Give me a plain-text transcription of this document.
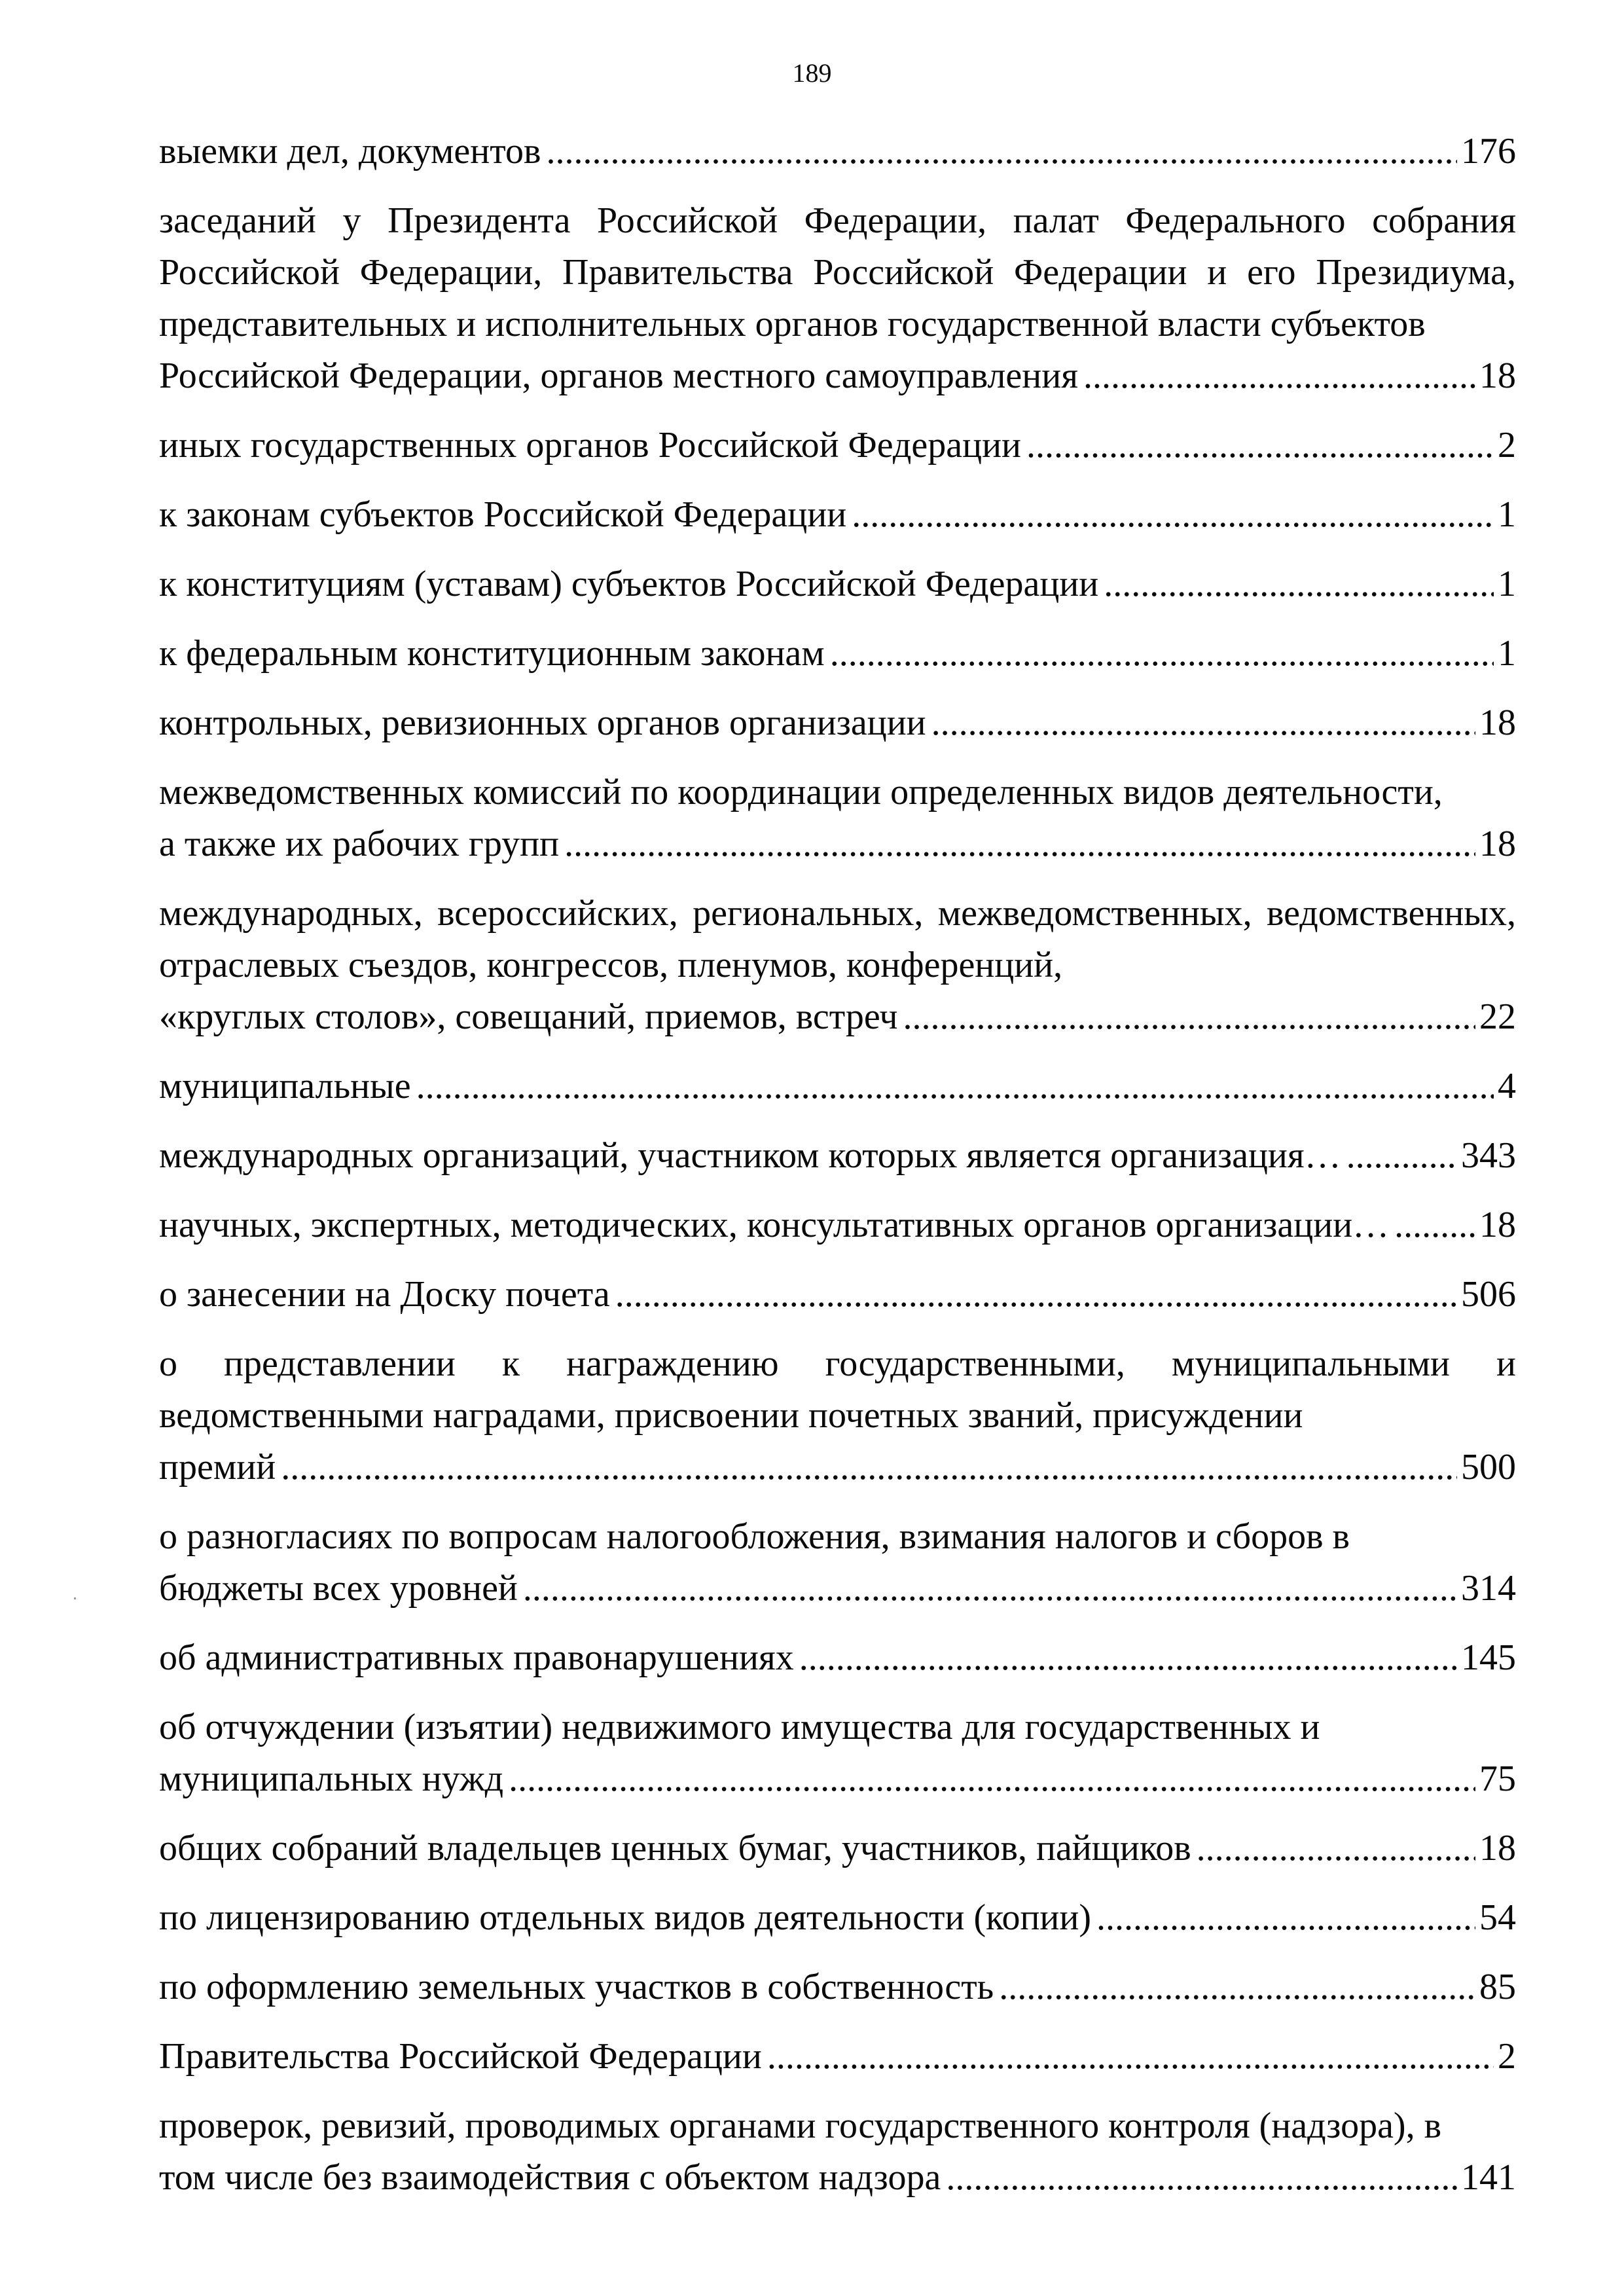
189
выемки дел, документов .....	176
заседаний у Президента Российской Федерации, палат Федерального собрания Российской Федерации, Правительства Российской Федерации и его Президиума, представительных и исполнительных органов государственной власти субъектов
Российской Федерации, органов местного самоуправления .....	18
иных государственных органов Российской Федерации .....	2
к законам субъектов Российской Федерации .....	1
к конституциям (уставам) субъектов Российской Федерации .....	1
к федеральным конституционным законам .....	1
контрольных, ревизионных органов организации .....	18
межведомственных комиссий по координации определенных видов деятельности,
а также их рабочих групп .....	18
международных, всероссийских, региональных, межведомственных, ведомственных, отраслевых съездов, конгрессов, пленумов, конференций,
«круглых столов», совещаний, приемов, встреч .....	22
муниципальные .....	4
международных организаций, участником которых является организация… .....	343
научных, экспертных, методических, консультативных органов организации… ..... 18
о занесении на Доску почета .....	506
о представлении к награждению государственными, муниципальными и ведомственными наградами, присвоении почетных званий, присуждении
премий .....	500
о разногласиях по вопросам налогообложения, взимания налогов и сборов в
бюджеты всех уровней .....	314
об административных правонарушениях .....	145
об отчуждении (изъятии) недвижимого имущества для государственных и
муниципальных нужд .....	75
общих собраний владельцев ценных бумаг, участников, пайщиков .....	18
по лицензированию отдельных видов деятельности (копии) .....	54
по оформлению земельных участков в собственность .....	85
Правительства Российской Федерации .....	2
проверок, ревизий, проводимых органами государственного контроля (надзора), в
том числе без взаимодействия с объектом надзора .....	141
